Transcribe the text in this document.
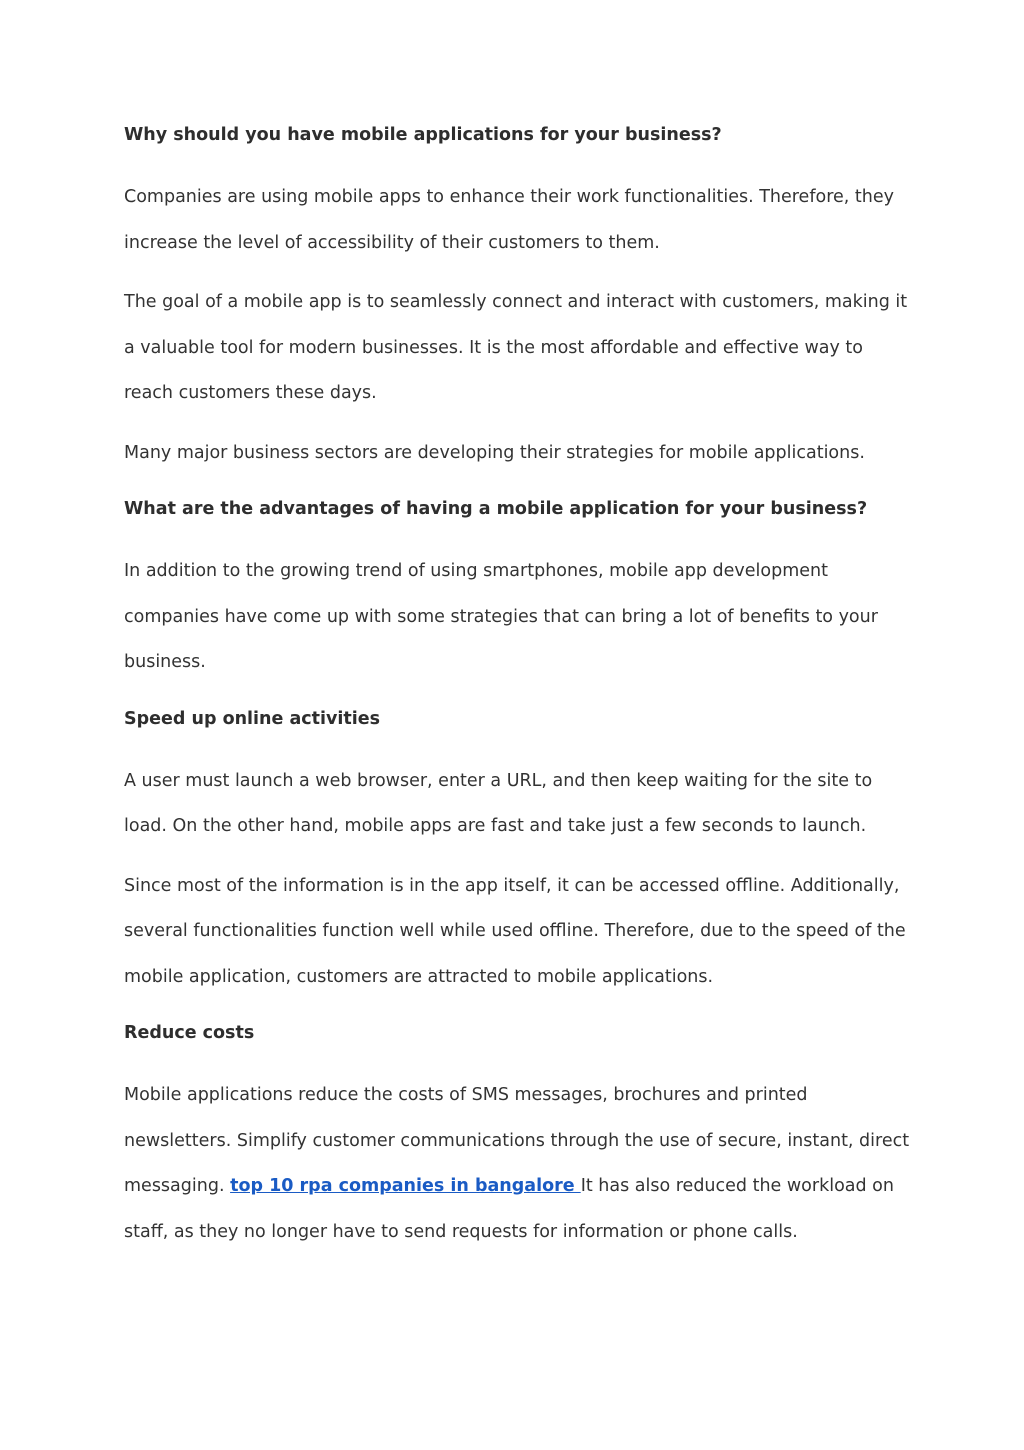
Why should you have mobile applications for your business?

Companies are using mobile apps to enhance their work functionalities. Therefore, they increase the level of accessibility of their customers to them.

The goal of a mobile app is to seamlessly connect and interact with customers, making it a valuable tool for modern businesses. It is the most affordable and effective way to reach customers these days.

Many major business sectors are developing their strategies for mobile applications.

What are the advantages of having a mobile application for your business?

In addition to the growing trend of using smartphones, mobile app development companies have come up with some strategies that can bring a lot of benefits to your business.

Speed up online activities

A user must launch a web browser, enter a URL, and then keep waiting for the site to load. On the other hand, mobile apps are fast and take just a few seconds to launch.

Since most of the information is in the app itself, it can be accessed offline. Additionally, several functionalities function well while used offline. Therefore, due to the speed of the mobile application, customers are attracted to mobile applications.

Reduce costs

Mobile applications reduce the costs of SMS messages, brochures and printed newsletters. Simplify customer communications through the use of secure, instant, direct messaging. top 10 rpa companies in bangalore It has also reduced the workload on staff, as they no longer have to send requests for information or phone calls.
